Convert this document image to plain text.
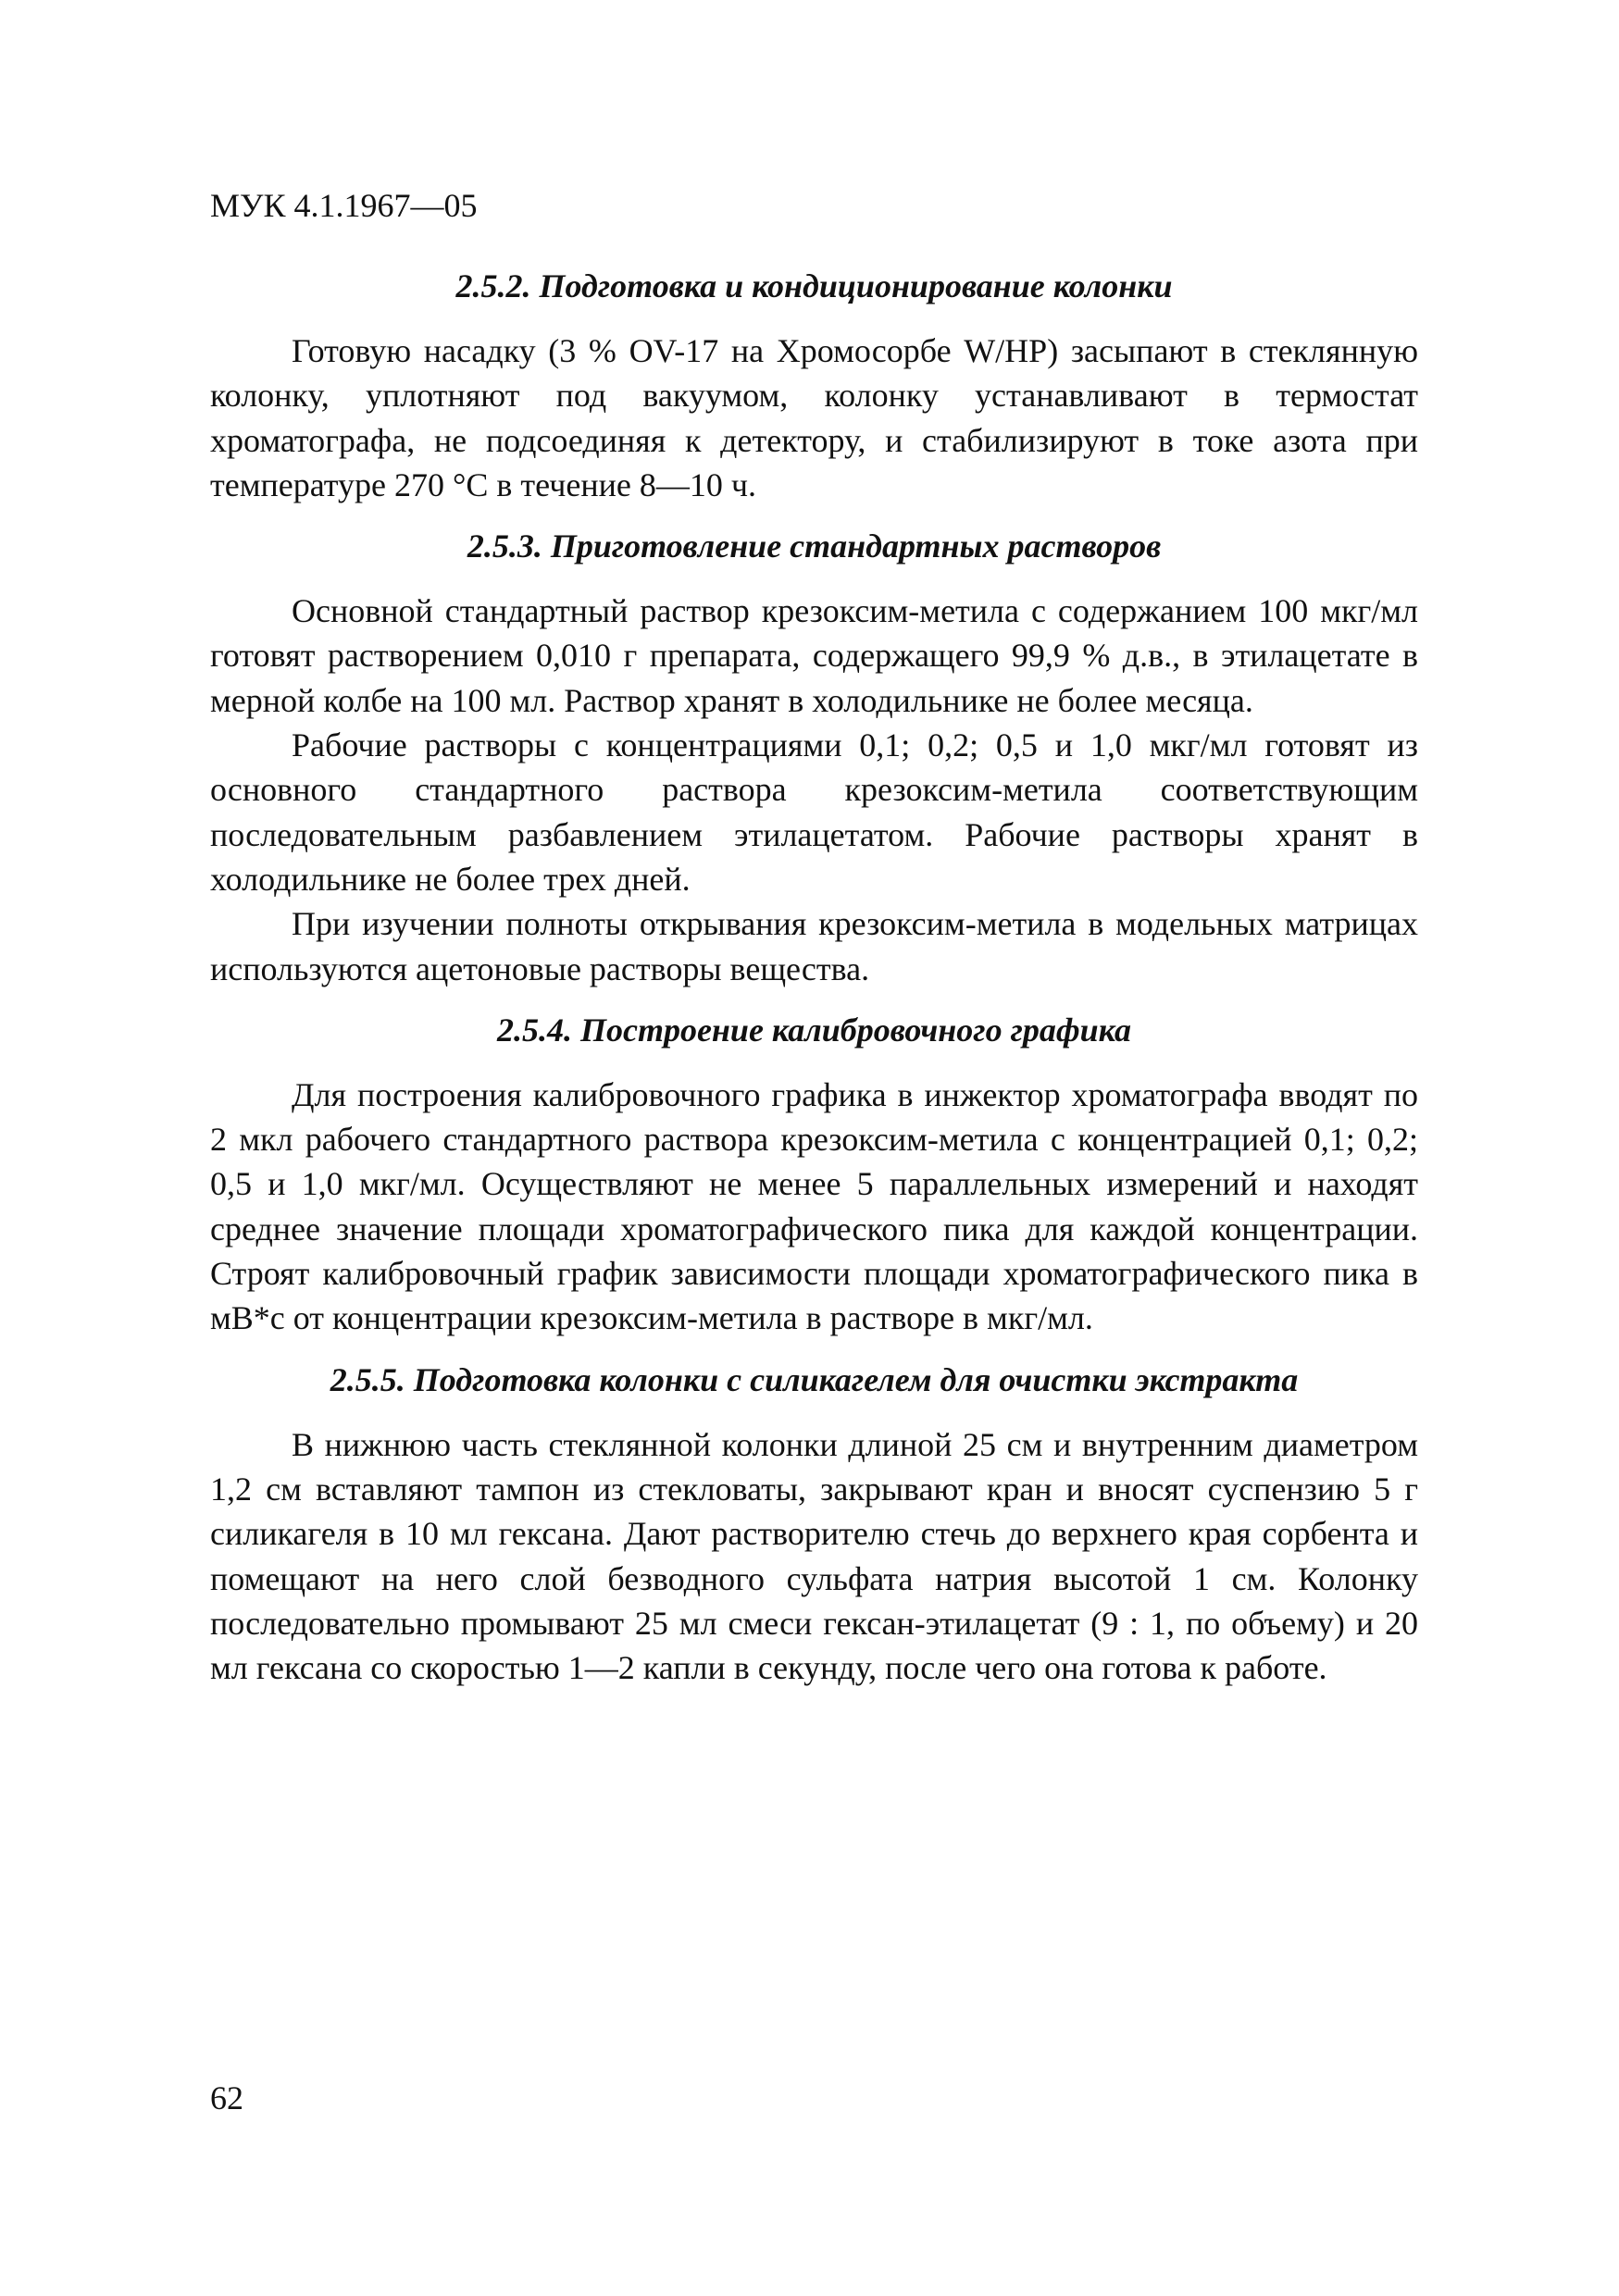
МУК 4.1.1967—05

2.5.2. Подготовка и кондиционирование колонки

Готовую насадку (3 % OV-17 на Хромосорбе W/HP) засыпают в стеклянную колонку, уплотняют под вакуумом, колонку устанавливают в термостат хроматографа, не подсоединяя к детектору, и стабилизируют в токе азота при температуре 270 °С в течение 8—10 ч.

2.5.3. Приготовление стандартных растворов

Основной стандартный раствор крезоксим-метила с содержанием 100 мкг/мл готовят растворением 0,010 г препарата, содержащего 99,9 % д.в., в этилацетате в мерной колбе на 100 мл. Раствор хранят в холодильнике не более месяца.

Рабочие растворы с концентрациями 0,1; 0,2; 0,5 и 1,0 мкг/мл готовят из основного стандартного раствора крезоксим-метила соответствующим последовательным разбавлением этилацетатом. Рабочие растворы хранят в холодильнике не более трех дней.

При изучении полноты открывания крезоксим-метила в модельных матрицах используются ацетоновые растворы вещества.

2.5.4. Построение калибровочного графика

Для построения калибровочного графика в инжектор хроматографа вводят по 2 мкл рабочего стандартного раствора крезоксим-метила с концентрацией 0,1; 0,2; 0,5 и 1,0 мкг/мл. Осуществляют не менее 5 параллельных измерений и находят среднее значение площади хроматографического пика для каждой концентрации. Строят калибровочный график зависимости площади хроматографического пика в мВ*с от концентрации крезоксим-метила в растворе в мкг/мл.

2.5.5. Подготовка колонки с силикагелем для очистки экстракта

В нижнюю часть стеклянной колонки длиной 25 см и внутренним диаметром 1,2 см вставляют тампон из стекловаты, закрывают кран и вносят суспензию 5 г силикагеля в 10 мл гексана. Дают растворителю стечь до верхнего края сорбента и помещают на него слой безводного сульфата натрия высотой 1 см. Колонку последовательно промывают 25 мл смеси гексан-этилацетат (9 : 1, по объему) и 20 мл гексана со скоростью 1—2 капли в секунду, после чего она готова к работе.

62
